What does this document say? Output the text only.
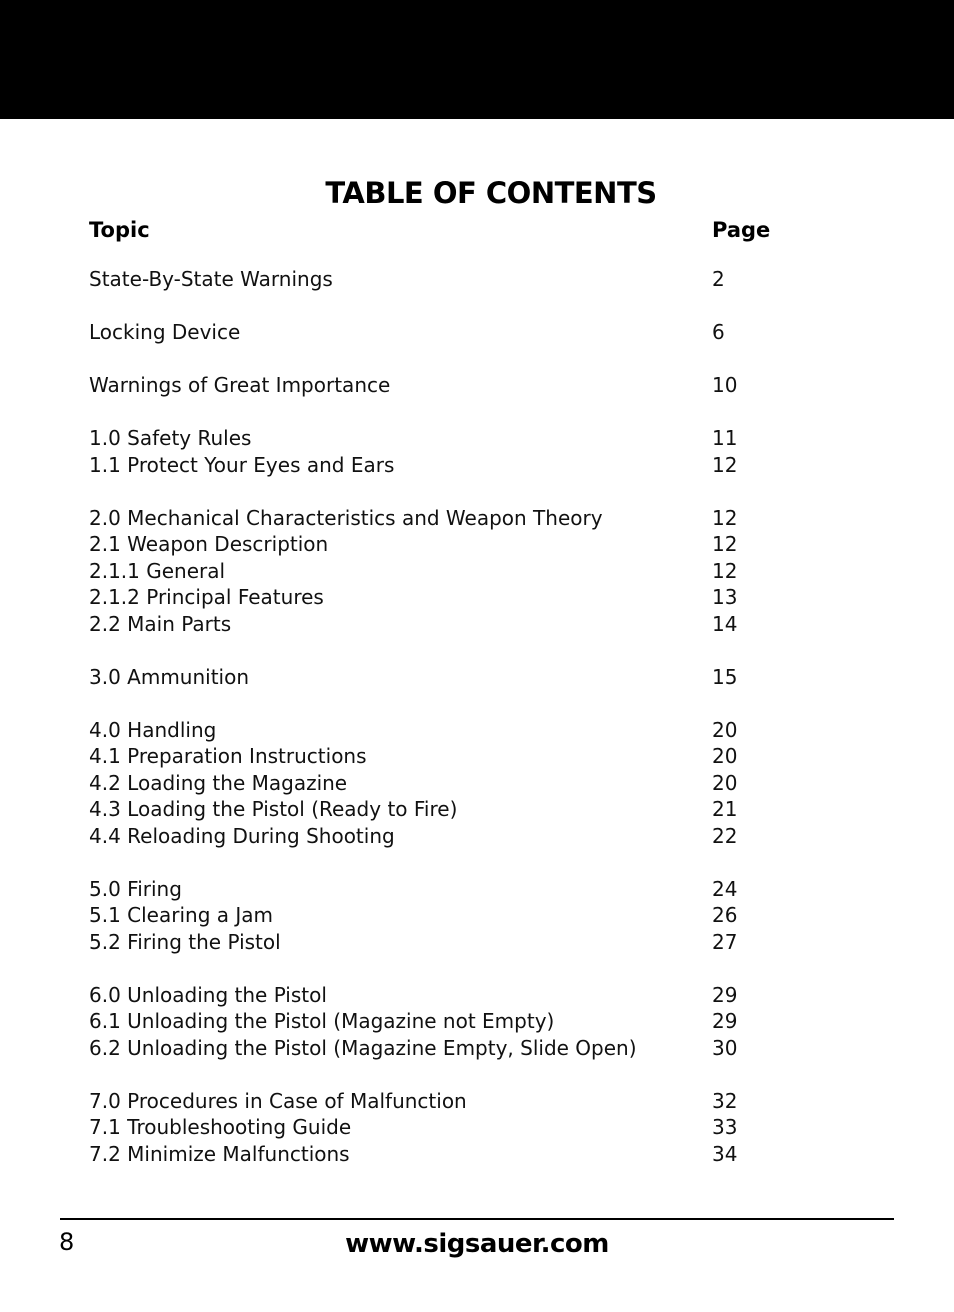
TABLE OF CONTENTS
Topic	Page
State-By-State Warnings	2
Locking Device	6
Warnings of Great Importance	10
1.0 Safety Rules	11
1.1 Protect Your Eyes and Ears	12
2.0 Mechanical Characteristics and Weapon Theory	12
2.1 Weapon Description	12
2.1.1 General	12
2.1.2 Principal Features	13
2.2 Main Parts	14
3.0 Ammunition	15
4.0 Handling	20
4.1 Preparation Instructions	20
4.2 Loading the Magazine	20
4.3 Loading the Pistol (Ready to Fire)	21
4.4 Reloading During Shooting	22
5.0 Firing	24
5.1 Clearing a Jam	26
5.2 Firing the Pistol	27
6.0 Unloading the Pistol	29
6.1 Unloading the Pistol (Magazine not Empty)	29
6.2 Unloading the Pistol (Magazine Empty, Slide Open)	30
7.0 Procedures in Case of Malfunction	32
7.1 Troubleshooting Guide	33
7.2 Minimize Malfunctions	34
8	www.sigsauer.com
